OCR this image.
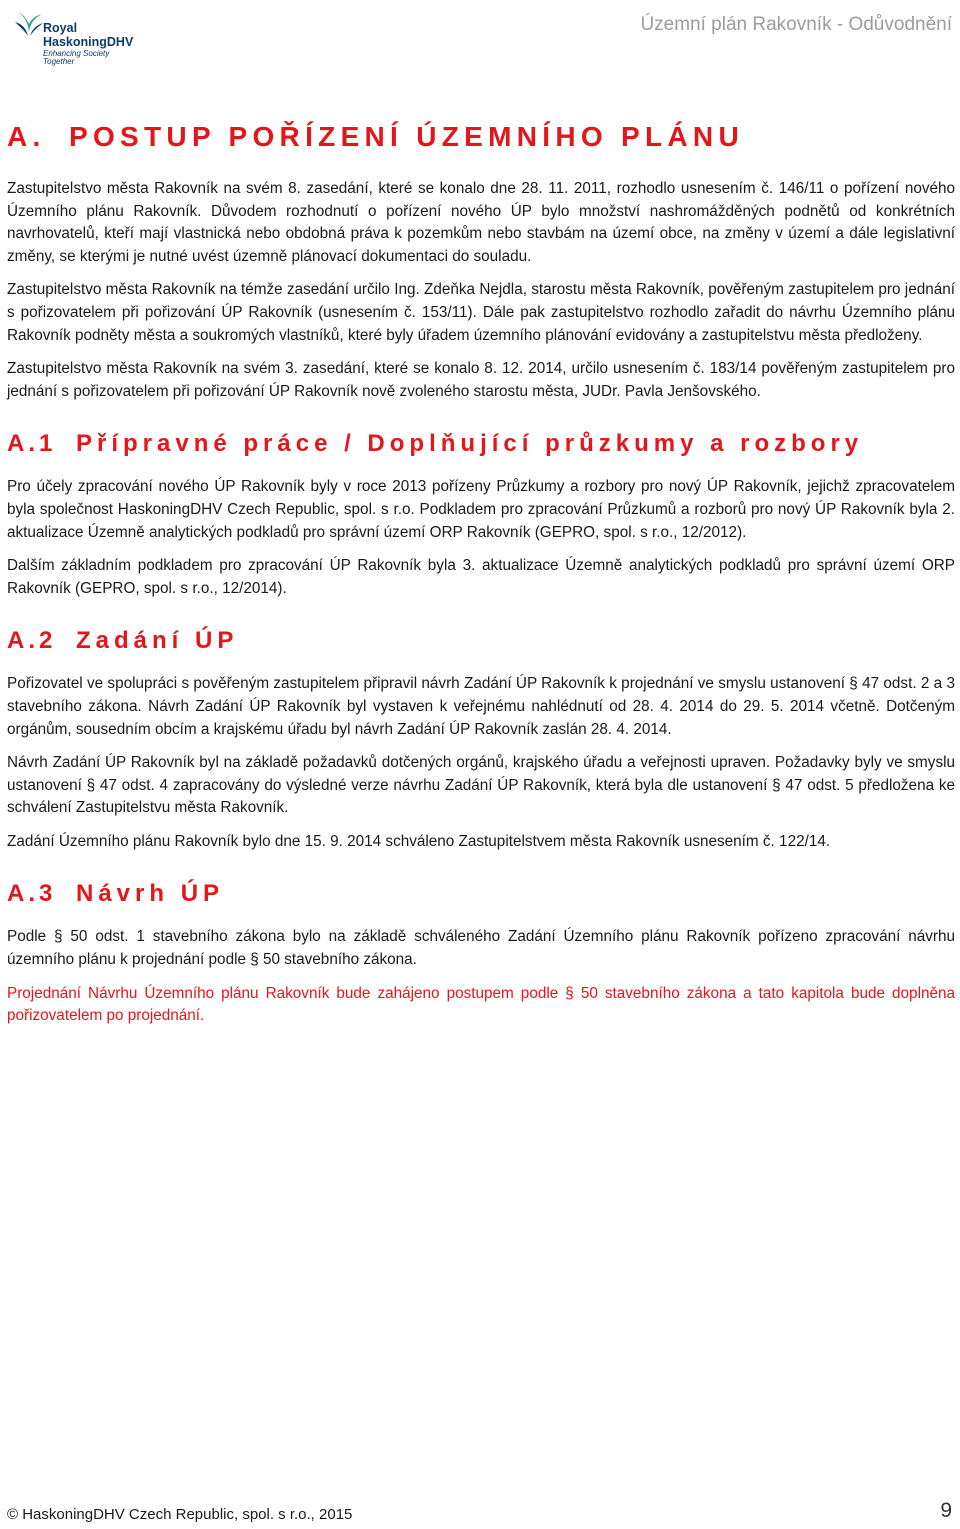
Royal
HaskoningDHV
Enhancing Society Together
Územní plán Rakovník - Odůvodnění
A. POSTUP POŘÍZENÍ ÚZEMNÍHO PLÁNU

Zastupitelstvo města Rakovník na svém 8. zasedání, které se konalo dne 28. 11. 2011, rozhodlo usnesením č. 146/11 o pořízení nového Územního plánu Rakovník. Důvodem rozhodnutí o pořízení nového ÚP bylo množství nashromážděných podnětů od konkrétních navrhovatelů, kteří mají vlastnická nebo obdobná práva k pozemkům nebo stavbám na území obce, na změny v území a dále legislativní změny, se kterými je nutné uvést územně plánovací dokumentaci do souladu.

Zastupitelstvo města Rakovník na témže zasedání určilo Ing. Zdeňka Nejdla, starostu města Rakovník, pověřeným zastupitelem pro jednání s pořizovatelem při pořizování ÚP Rakovník (usnesením č. 153/11). Dále pak zastupitelstvo rozhodlo zařadit do návrhu Územního plánu Rakovník podněty města a soukromých vlastníků, které byly úřadem územního plánování evidovány a zastupitelstvu města předloženy.

Zastupitelstvo města Rakovník na svém 3. zasedání, které se konalo 8. 12. 2014, určilo usnesením č. 183/14 pověřeným zastupitelem pro jednání s pořizovatelem při pořizování ÚP Rakovník nově zvoleného starostu města, JUDr. Pavla Jenšovského.

A.1 Přípravné práce / Doplňující průzkumy a rozbory

Pro účely zpracování nového ÚP Rakovník byly v roce 2013 pořízeny Průzkumy a rozbory pro nový ÚP Rakovník, jejichž zpracovatelem byla společnost HaskoningDHV Czech Republic, spol. s r.o. Podkladem pro zpracování Průzkumů a rozborů pro nový ÚP Rakovník byla 2. aktualizace Územně analytických podkladů pro správní území ORP Rakovník (GEPRO, spol. s r.o., 12/2012).

Dalším základním podkladem pro zpracování ÚP Rakovník byla 3. aktualizace Územně analytických podkladů pro správní území ORP Rakovník (GEPRO, spol. s r.o., 12/2014).

A.2 Zadání ÚP

Pořizovatel ve spolupráci s pověřeným zastupitelem připravil návrh Zadání ÚP Rakovník k projednání ve smyslu ustanovení § 47 odst. 2 a 3 stavebního zákona. Návrh Zadání ÚP Rakovník byl vystaven k veřejnému nahlédnutí od 28. 4. 2014 do 29. 5. 2014 včetně. Dotčeným orgánům, sousedním obcím a krajskému úřadu byl návrh Zadání ÚP Rakovník zaslán 28. 4. 2014.

Návrh Zadání ÚP Rakovník byl na základě požadavků dotčených orgánů, krajského úřadu a veřejnosti upraven. Požadavky byly ve smyslu ustanovení § 47 odst. 4 zapracovány do výsledné verze návrhu Zadání ÚP Rakovník, která byla dle ustanovení § 47 odst. 5 předložena ke schválení Zastupitelstvu města Rakovník.

Zadání Územního plánu Rakovník bylo dne 15. 9. 2014 schváleno Zastupitelstvem města Rakovník usnesením č. 122/14.

A.3 Návrh ÚP

Podle § 50 odst. 1 stavebního zákona bylo na základě schváleného Zadání Územního plánu Rakovník pořízeno zpracování návrhu územního plánu k projednání podle § 50 stavebního zákona.

Projednání Návrhu Územního plánu Rakovník bude zahájeno postupem podle § 50 stavebního zákona a tato kapitola bude doplněna pořizovatelem po projednání.

© HaskoningDHV Czech Republic, spol. s r.o., 2015	9
